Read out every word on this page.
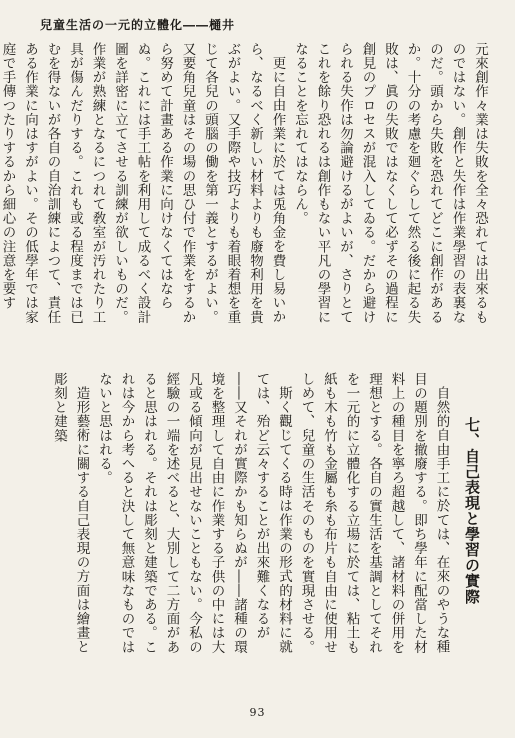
兒童生活の一元的立體化――樋井

元來創作々業は失敗を全々恐れては出來るものではない。創作と失作は作業學習の表裏なのだ。頭から失敗を恐れてどこに創作があるか。十分の考慮を廻ぐらして然る後に起る失敗は、眞の失敗ではなくして必ずその過程に創見のプロセスが混入してゐる。だから避けられる失作は勿論避けるがよいが、さりとてこれを餘り恐れるは創作もない平凡の學習になることを忘れてはならん。

更に自由作業に於ては兎角金を費し易いから、なるべく新しい材料よりも廢物利用を貴ぶがよい。又手際や技巧よりも着眼着想を重じて各兒の頭腦の働を第一義とするがよい。又要角兒童はその場の思ひ付で作業をするから努めて計畫ある作業に向けなくてはならぬ。これには手工帖を利用して成るべく設計圖を詳密に立てさせる訓練が欲しいものだ。作業が熟練となるにつれて敎室が汚れたり工具が傷んだりする。これも或る程度までは已むを得ないが各自の自治訓練によつて、責任ある作業に向はすがよい。その低學年では家庭で手傳つたりするから細心の注意を要す

七、自己表現と學習の實際

自然的自由手工に於ては、在來のやうな種目の題別を撤廢する。即ち學年に配當した材料上の種目を寧ろ超越して、諸材料の併用を理想とする。各自の實生活を基調としてそれを一元的に立體化する立場に於ては、粘土も紙も木も竹も金屬も糸も布片も自由に使用せしめて、兒童の生活そのものを實現させる。

斯く觀じてくる時は作業の形式的材料に就ては、殆ど云々することが出來難くなるが――又それが實際かも知らぬが――諸種の環境を整理して自由に作業する子供の中には大凡或る傾向が見出せないこともない。今私の經驗の一端を述べると、大別して二方面があると思はれる。それは彫刻と建築である。これは今から考へると決して無意味なものではないと思はれる。

造形藝術に關する自己表現の方面は繪畫と彫刻と建築

93
